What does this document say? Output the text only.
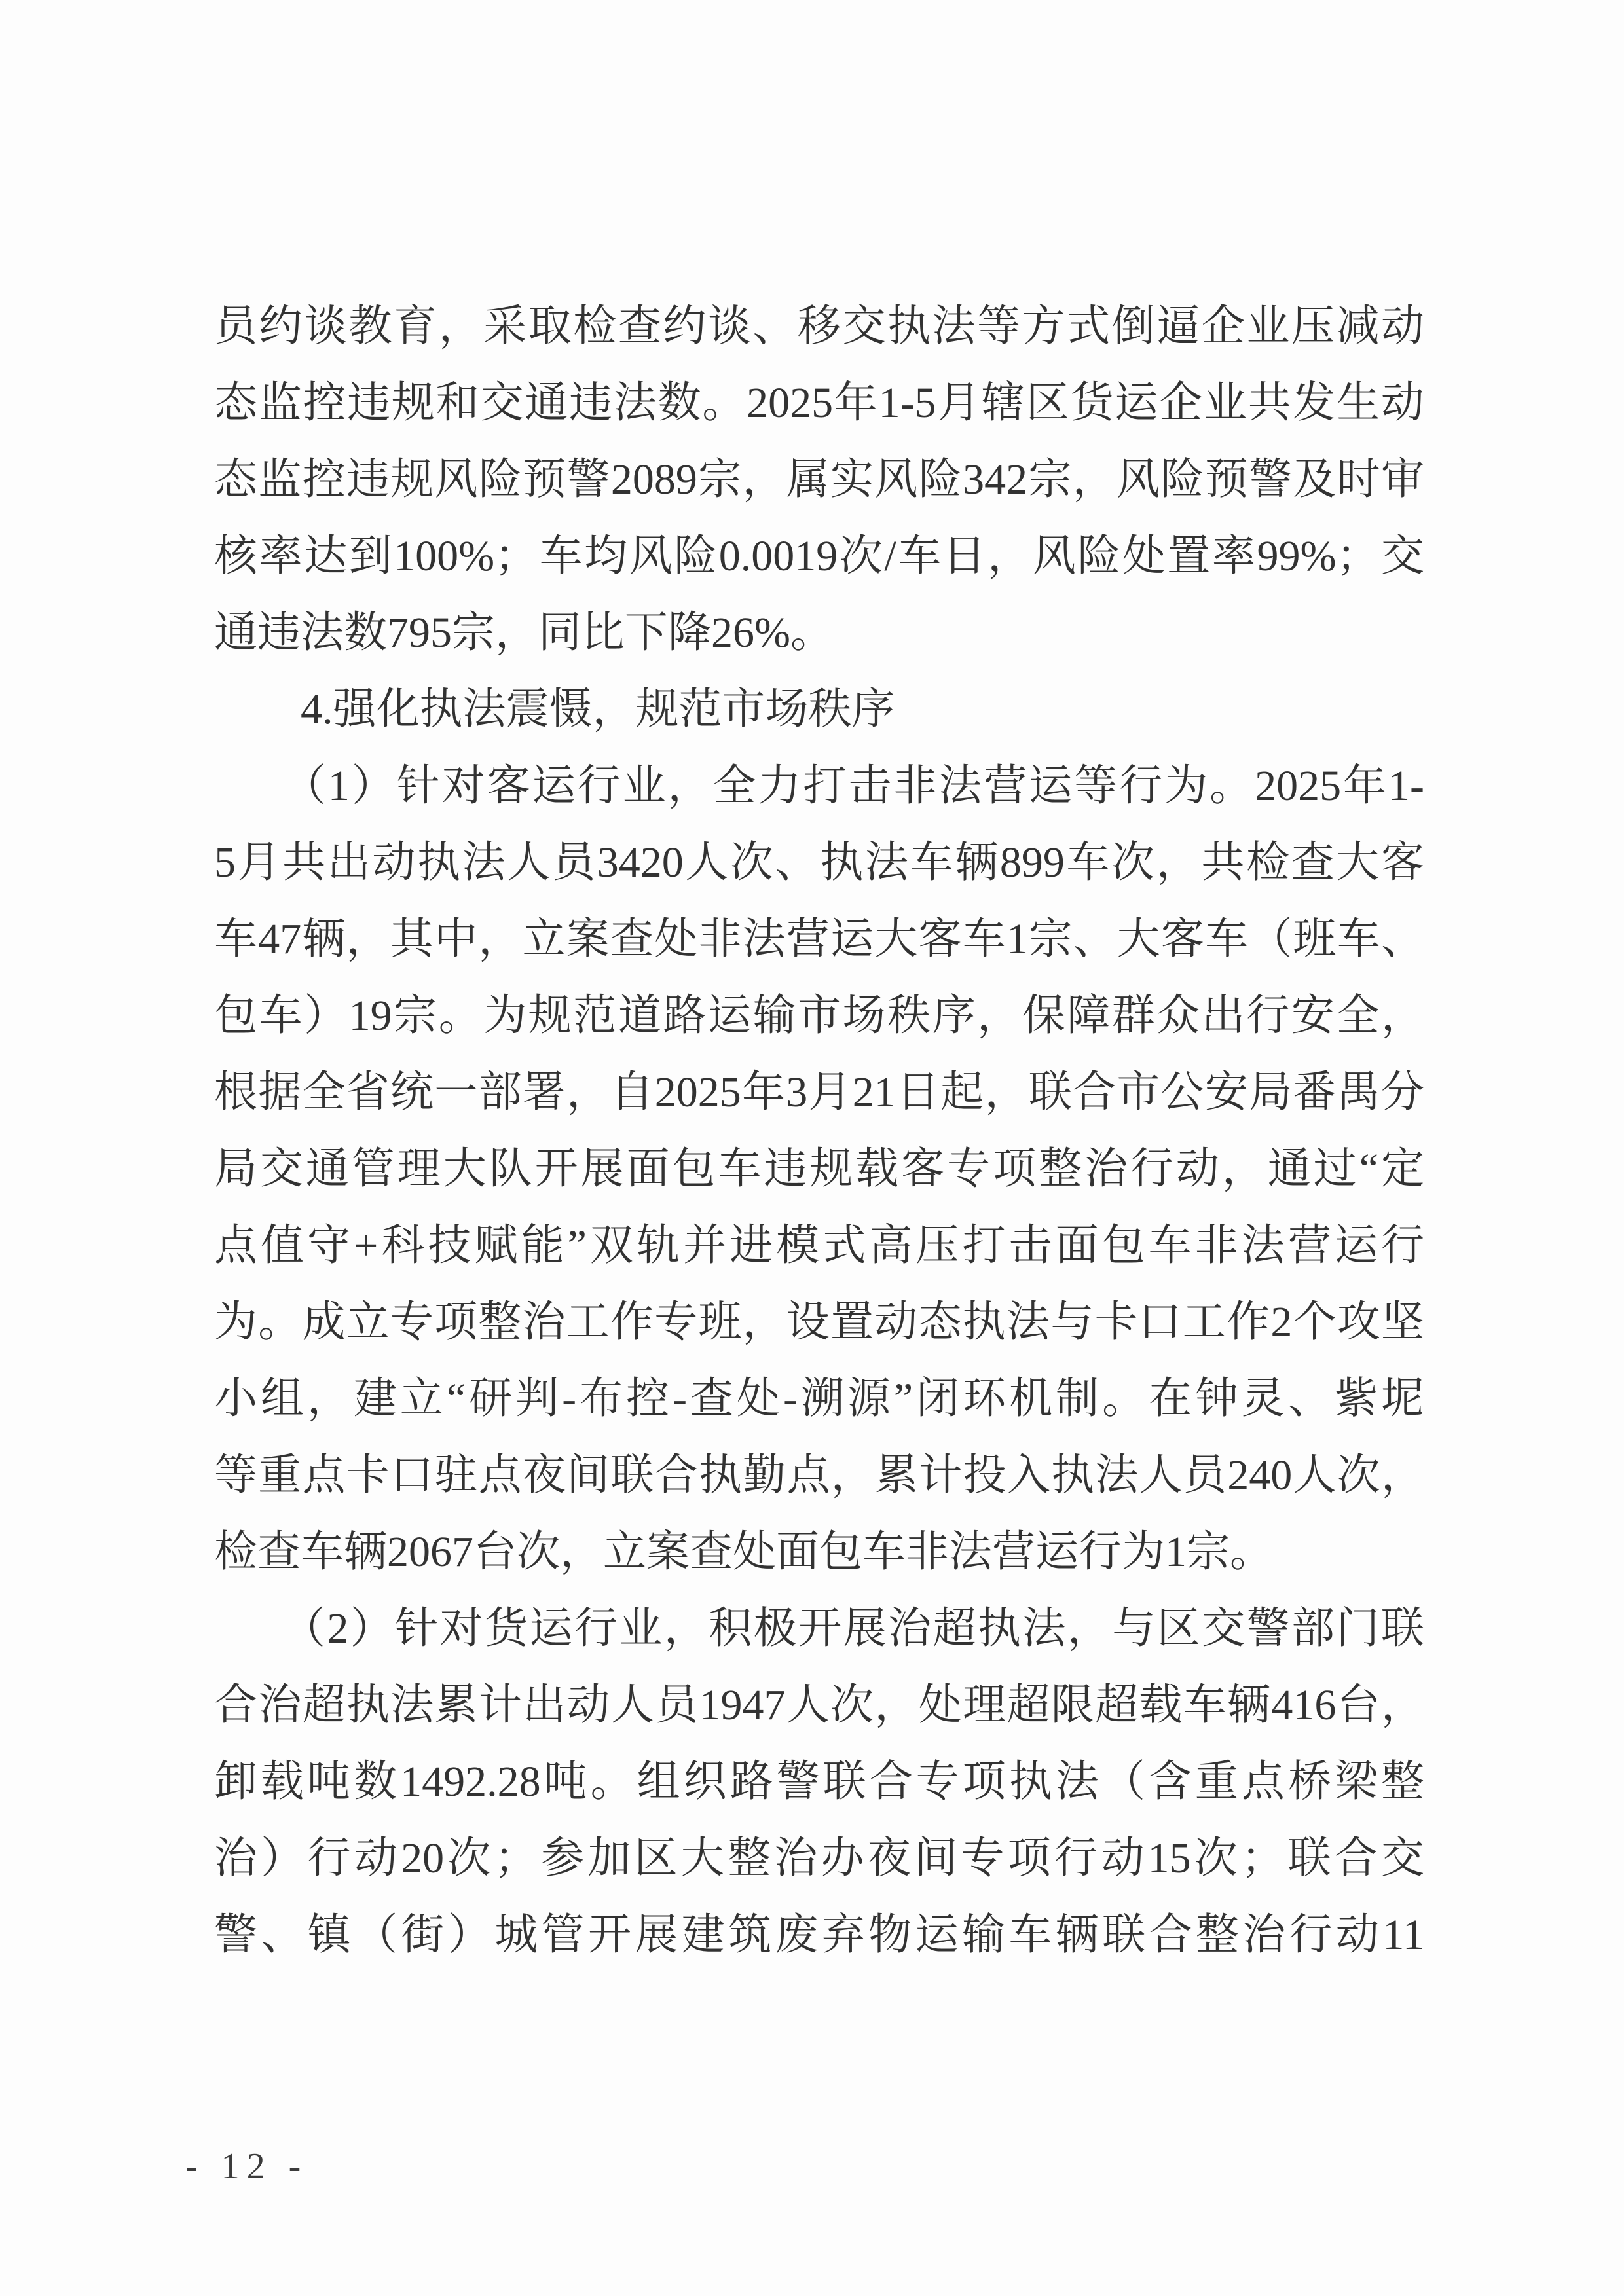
员约谈教育，采取检查约谈、移交执法等方式倒逼企业压减动
态监控违规和交通违法数。2025年1-5月辖区货运企业共发生动
态监控违规风险预警2089宗，属实风险342宗，风险预警及时审
核率达到100%；车均风险0.0019次/车日，风险处置率99%；交
通违法数795宗，同比下降26%。
　　4.强化执法震慑，规范市场秩序
　　（1）针对客运行业，全力打击非法营运等行为。2025年1-
5月共出动执法人员3420人次、执法车辆899车次，共检查大客
车47辆，其中，立案查处非法营运大客车1宗、大客车（班车、
包车）19宗。为规范道路运输市场秩序，保障群众出行安全，
根据全省统一部署，自2025年3月21日起，联合市公安局番禺分
局交通管理大队开展面包车违规载客专项整治行动，通过“定
点值守+科技赋能”双轨并进模式高压打击面包车非法营运行
为。成立专项整治工作专班，设置动态执法与卡口工作2个攻坚
小组，建立“研判-布控-查处-溯源”闭环机制。在钟灵、紫坭
等重点卡口驻点夜间联合执勤点，累计投入执法人员240人次，
检查车辆2067台次，立案查处面包车非法营运行为1宗。
　　（2）针对货运行业，积极开展治超执法，与区交警部门联
合治超执法累计出动人员1947人次，处理超限超载车辆416台，
卸载吨数1492.28吨。组织路警联合专项执法（含重点桥梁整
治）行动20次；参加区大整治办夜间专项行动15次；联合交
警、镇（街）城管开展建筑废弃物运输车辆联合整治行动11
- 12 -
